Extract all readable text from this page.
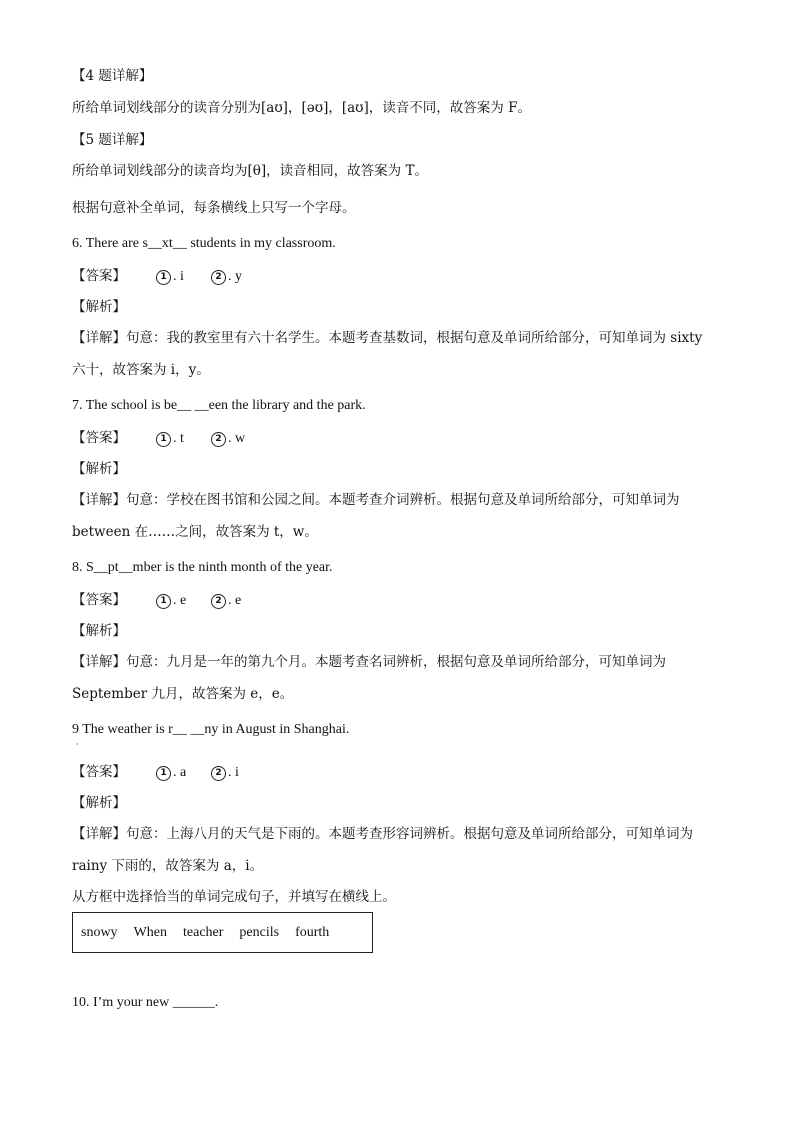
【4 题详解】
所给单词划线部分的读音分别为[aʊ]，[əʊ]，[aʊ]，读音不同，故答案为 F。
【5 题详解】
所给单词划线部分的读音均为[θ]，读音相同，故答案为 T。
根据句意补全单词，每条横线上只写一个字母。
6. There are s__xt__ students in my classroom.
【答案】	1 . i	2 . y
【解析】
【详解】句意：我的教室里有六十名学生。本题考查基数词，根据句意及单词所给部分，可知单词为 sixty
六十，故答案为 i，y。
7. The school is be__ __een the library and the park.
【答案】	1 . t	2 . w
【解析】
【详解】句意：学校在图书馆和公园之间。本题考查介词辨析。根据句意及单词所给部分，可知单词为
between 在……之间，故答案为 t，w。
8. S__pt__mber is the ninth month of the year.
【答案】	1 . e	2 . e
【解析】
【详解】句意：九月是一年的第九个月。本题考查名词辨析，根据句意及单词所给部分，可知单词为
September 九月，故答案为 e，e。
9 The weather is r__ __ny in August in Shanghai.
·
【答案】	1 . a	2 . i
【解析】
【详解】句意：上海八月的天气是下雨的。本题考查形容词辨析。根据句意及单词所给部分，可知单词为
rainy 下雨的，故答案为 a，i。
从方框中选择恰当的单词完成句子，并填写在横线上。
snowy When teacher pencils fourth
10. I’m your new ______.
